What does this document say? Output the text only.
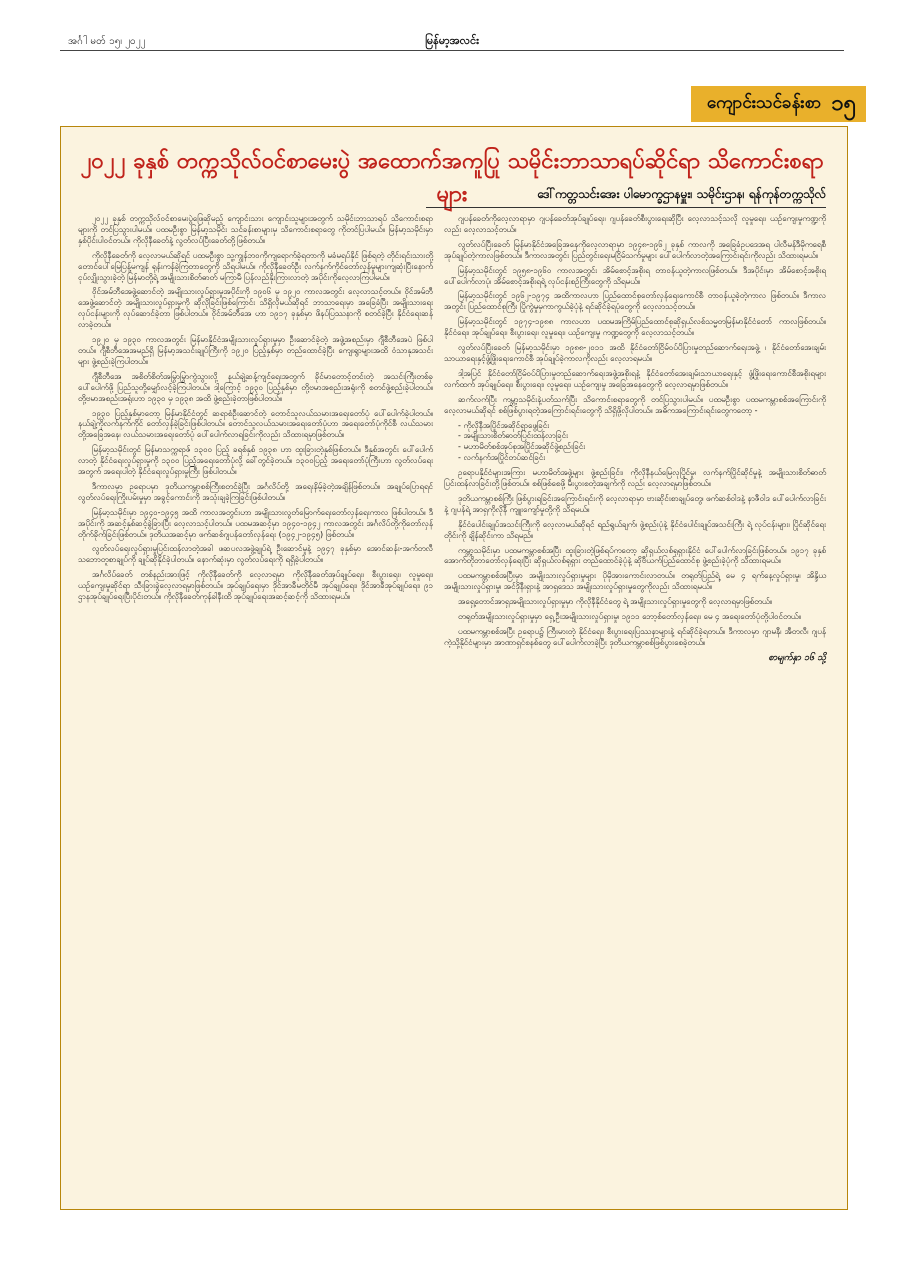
အင်္ဂါ မတ် ၁၅၊ ၂၀၂၂	မြန်မာ့အလင်း
ကျောင်းသင်ခန်းစာ ၁၅
၂၀၂၂ ခုနှစ် တက္ကသိုလ်ဝင်စာမေးပွဲ အထောက်အကူပြု သမိုင်းဘာသာရပ်ဆိုင်ရာ သိကောင်းစရာများ	ဒေါ်ကတ္တသင်းအေး ပါမောက္ခဌာနမှူး၊ သမိုင်းဌာန၊ ရန်ကုန်တက္ကသိုလ်

၂၀၂၂ ခုနှစ် တက္ကသိုလ်ဝင်စာမေးပွဲဖြေဆိုမည့် ကျောင်းသား ကျောင်းသူများအတွက် သမိုင်းဘာသာရပ် သိကောင်းစရာများကို တင်ပြသွားပါမယ်။ ပထမဦးစွာ မြန်မာ့သမိုင်း သင်ခန်းစာများမှ သိကောင်းစရာတွေ ကိုတင်ပြပါမယ်။ မြန်မာ့သမိုင်းမှာ နှစ်ပိုင်းပါဝင်တယ်။ ကိုလိုနီခေတ်နဲ့ လွတ်လပ်ပြီးခေတ်တို့ဖြစ်တယ်။

ကိုလိုနီခေတ်ကို လေ့လာမယ်ဆိုရင် ပထမဦးစွာ သူ့ကျွန်ဘဝကိုကျရောက်ခဲ့ရတာကို မခံမရပ်နိုင် ဖြစ်ရတဲ့ တိုင်းရင်းသားတို့ တောင်ပေါ်မြေပြန့်မကျန် ရုန်းကန်ခဲ့ကြတာတွေကို သိရပါမယ်။ ကိုလိုနီခေတ်ဦး လက်နက်ကိုင်တော်လှန်မှုများကျဆုံးပြီးနောက် ငုပ်လျှိုးသွားခဲ့တဲ့ မြန်မာတို့ရဲ့ အမျိုးသားစိတ်ဓာတ် မကြာမီ ပြန်လည်နိုးကြားလာတဲ့ အပိုင်းကိုလေ့လာကြပါမယ်။

ဝိုင်အမ်ဘီအေဖွဲ့ဆောင်တဲ့ အမျိုးသားလှုပ်ရှားမှုအပိုင်းကို ၁၉၀၆ မှ ၁၉၂၀ ကာလအတွင်း လေ့လာသင့်တယ်။ ဝိုင်အမ်ဘီအေဖွဲ့ဆောင်တဲ့ အမျိုးသားလှုပ်ရှားမှုကို ဆိုလိုခြင်းဖြစ်ကြောင်း သိရှိလိုမယ်ဆိုရင် ဘာသာရေးမှာ အခြေခံပြီး အမျိုးသားရေး လုပ်ငန်းများကို လုပ်ဆောင်ခဲ့တာ ဖြစ်ပါတယ်။ ဝိုင်အမ်ဘီအေ ဟာ ၁၉၁၇ ခုနှစ်မှာ ဖိနပ်ပြဿနာကို စတင်ခဲ့ပြီး နိုင်ငံရေးဆန်လာခဲ့တယ်။

၁၉၂၀ မှ ၁၉၃၀ ကာလအတွင်း မြန်မာနိုင်ငံအမျိုးသားလှုပ်ရှားမှုမှာ ဦးဆောင်ခဲ့တဲ့ အဖွဲ့အစည်းမှာ ဂျီစီဘီအေပဲ ဖြစ်ပါတယ်။ ဂျီစီဘီအေအမည်ရှိ မြန်မာ့အသင်းချုပ်ကြီးကို ၁၉၂၀ ပြည့်နှစ်မှာ တည်ထောင်ခဲ့ပြီး ကျေးရွာများအထိ ဝံသာနုအသင်းများ ဖွဲ့စည်းခဲ့ကြပါတယ်။

ဂျီစီဘီအေ အစိတ်စိတ်အမြွာမြွာကွဲသွားလို့ နယ်ချဲ့ဆန့်ကျင်ရေးအတွက် ခိုင်မာတောင့်တင်းတဲ့ အသင်းကြီးတစ်ခုပေါ်ပေါက်ဖို့ ပြည်သူတို့မျှော်လင့်ခဲ့ကြပါတယ်။ ဒါ့ကြောင့် ၁၉၃၀ ပြည့်နှစ်မှာ တို့ဗမာအစည်းအရုံးကို စတင်ဖွဲ့စည်းခဲ့ပါတယ်။ တို့ဗမာအစည်းအရုံးဟာ ၁၉၃၀ မှ ၁၉၃၈ အထိ ဖွဲ့စည်းခဲ့တာဖြစ်ပါတယ်။

၁၉၃၀ ပြည့်နှစ်မှာတော့ မြန်မာနိုင်ငံတွင် ဆရာစံဦးဆောင်တဲ့ တောင်သူလယ်သမားအရေးတော်ပုံ ပေါ်ပေါက်ခဲ့ပါတယ်။ နယ်ချဲ့ကိုလက်နက်ကိုင် တော်လှန်ခဲ့ခြင်းဖြစ်ပါတယ်။ တောင်သူလယ်သမားအရေးတော်ပုံဟာ အရေးတော်ပုံကိုင်စီ လယ်သမားတို့အခြေအနေ၊ လယ်သမားအရေးတော်ပုံ ပေါ်ပေါက်လာရခြင်းကိုလည်း သိထားရမှာဖြစ်တယ်။

မြန်မာ့သမိုင်းတွင် မြန်မာသက္ကရာဇ် ၁၃၀၀ ပြည့် ခရစ်နှစ် ၁၉၃၈ ဟာ ထူးခြားတဲ့နှစ်ဖြစ်တယ်။ ဒီနှစ်အတွင်း ပေါ်ပေါက်လာတဲ့ နိုင်ငံရေးလှုပ်ရှားမှုကို ၁၃၀၀ ပြည့်အရေးတော်ပုံလို့ ခေါ်တွင်ခဲ့တယ်။ ၁၃၀၀ပြည့် အရေးတော်ပုံကြီးဟာ လွတ်လပ်ရေးအတွက် အရေးပါတဲ့ နိုင်ငံရေးလှုပ်ရှားမှုကြီး ဖြစ်ပါတယ်။

ဒီကာလမှာ ဥရောပမှာ ဒုတိယကမ္ဘာစစ်ကြီးစတင်ခဲ့ပြီး အင်္ဂလိပ်တို့ အရေးနိမ့်ခဲ့တဲ့အချိန်ဖြစ်တယ်။ အချုပ်ပြောရရင် လွတ်လပ်ရေးကြိုးပမ်းမှုမှာ အခွင့်ကောင်းကို အသုံးချခဲ့ကြခြင်းဖြစ်ပါတယ်။

မြန်မာ့သမိုင်းမှာ ၁၉၄၀-၁၉၄၅ အထိ ကာလအတွင်းဟာ အမျိုးသားလွတ်မြောက်ရေးတော်လှန်ရေးကာလ ဖြစ်ပါတယ်။ ဒီအပိုင်းကို အဆင့်နှစ်ဆင့်ခွဲခြားပြီး လေ့လာသင့်ပါတယ်။ ပထမအဆင့်မှာ ၁၉၄၀-၁၉၄၂ ကာလအတွင်း အင်္ဂလိပ်တို့ကိုတော်လှန်တိုက်ခိုက်ခြင်းဖြစ်တယ်။ ဒုတိယအဆင့်မှာ ဖက်ဆစ်ဂျပန်တော်လှန်ရေး (၁၉၄၂-၁၉၄၅) ဖြစ်တယ်။

လွတ်လပ်ရေးလှုပ်ရှားမှုပြင်းထန်လာတဲ့အခါ ဖဆပလအဖွဲ့ချုပ်ရဲ့ ဦးဆောင်မှုနဲ့ ၁၉၄၇ ခုနှစ်မှာ အောင်ဆန်း-အက်တလီ သဘောတူစာချုပ်ကို ချုပ်ဆိုနိုင်ခဲ့ပါတယ်။ နောက်ဆုံးမှာ လွတ်လပ်ရေးကို ရရှိခဲ့ပါတယ်။

အင်္ဂလိပ်ခေတ် တစ်နည်းအားဖြင့် ကိုလိုနီခေတ်ကို လေ့လာရမှာ ကိုလိုနီခေတ်အုပ်ချုပ်ရေး၊ စီးပွားရေး၊ လူမှုရေး၊ ယဉ်ကျေးမှုဆိုင်ရာ သီးခြားခွဲလေ့လာရမှာဖြစ်တယ်။ အုပ်ချုပ်ရေးမှာ ဒိုင်အာခီမတိုင်မီ အုပ်ချုပ်ရေး၊ ဒိုင်အာခီအုပ်ချုပ်ရေး၊ ၉၁ ဌာနအုပ်ချုပ်ရေးပြီးပိုင်းတယ်။ ကိုလိုနီခေတ်ကုန်ခါနီးထိ အုပ်ချုပ်ရေးအဆင့်ဆင့်ကို သိထားရမယ်။

ဂျပန်ခေတ်ကိုလေ့လာရာမှာ ဂျပန်ခေတ်အုပ်ချုပ်ရေး၊ ဂျပန်ခေတ်စီးပွားရေးဆိုပြီး လေ့လာသင့်သလို လူမှုရေး၊ ယဉ်ကျေးမှုကဏ္ဍကိုလည်း လေ့လာသင့်တယ်။

လွတ်လပ်ပြီးခေတ် မြန်မာနိုင်ငံအခြေအနေကိုလေ့လာရာမှာ ၁၉၄၈-၁၉၆၂ ခုနှစ် ကာလကို အခြေခံဥပဒေအရ ပါလီမန်ဒီမိုကရေစီ အုပ်ချုပ်တဲ့ကာလဖြစ်တယ်။ ဒီကာလအတွင်း ပြည်တွင်းရေးမငြိမ်သက်မှုများ ပေါ်ပေါက်လာတဲ့အကြောင်းရင်းကိုလည်း သိထားရမယ်။

မြန်မာ့သမိုင်းတွင် ၁၉၅၈-၁၉၆၀ ကာလအတွင်း အိမ်စောင့်အစိုးရ တာဝန်ယူတဲ့ကာလဖြစ်တယ်။ ဒီအပိုင်းမှာ အိမ်စောင့်အစိုးရပေါ်ပေါက်လာပုံ၊ အိမ်စောင့်အစိုးရရဲ့ လုပ်ငန်းစဉ်ကြီးတွေကို သိရမယ်။

မြန်မာ့သမိုင်းတွင် ၁၉၆၂-၁၉၇၄ အထိကာလဟာ ပြည်ထောင်စုတော်လှန်ရေးကောင်စီ တာဝန်ယူခဲ့တဲ့ကာလ ဖြစ်တယ်။ ဒီကာလအတွင်း ပြည်ထောင်စုကြီး ပြိုကွဲမှုမှကာကွယ်ခဲ့ပုံနဲ့ ရင်ဆိုင်ခဲ့ရပုံတွေကို လေ့လာသင့်တယ်။

မြန်မာ့သမိုင်းတွင် ၁၉၇၄-၁၉၈၈ ကာလဟာ ပထမအကြိမ်ပြည်ထောင်စုဆိုရှယ်လစ်သမ္မတမြန်မာနိုင်ငံတော် ကာလဖြစ်တယ်။ နိုင်ငံရေး၊ အုပ်ချုပ်ရေး၊ စီးပွားရေး၊ လူမှုရေး၊ ယဉ်ကျေးမှု ကဏ္ဍတွေကို လေ့လာသင့်တယ်။

လွတ်လပ်ပြီးခေတ် မြန်မာ့သမိုင်းမှာ ၁၉၈၈-၂၀၁၁ အထိ နိုင်ငံတော်ငြိမ်ဝပ်ပိပြားမှုတည်ဆောက်ရေးအဖွဲ့ ၊ နိုင်ငံတော်အေးချမ်းသာယာရေးနှင့်ဖွံ့ဖြိုးရေးကောင်စီ အုပ်ချုပ်ခဲ့ကာလကိုလည်း လေ့လာရမယ်။

ဒါ့အပြင် နိုင်ငံတော်ငြိမ်ဝပ်ပိပြားမှုတည်ဆောက်ရေးအဖွဲ့အစိုးရနဲ့ နိုင်ငံတော်အေးချမ်းသာယာရေးနှင့် ဖွံ့ဖြိုးရေးကောင်စီအစိုးရများလက်ထက် အုပ်ချုပ်ရေး၊ စီးပွားရေး၊ လူမှုရေး၊ ယဉ်ကျေးမှု အခြေအနေတွေကို လေ့လာရမှာဖြစ်တယ်။

ဆက်လက်ပြီး ကမ္ဘာ့သမိုင်းနဲ့ပတ်သက်ပြီး သိကောင်းစရာတွေကို တင်ပြသွားပါမယ်။ ပထမဦးစွာ ပထမကမ္ဘာစစ်အကြောင်းကို လေ့လာမယ်ဆိုရင် စစ်ဖြစ်ပွားရတဲ့အကြောင်းရင်းတွေကို သိရှိဖို့လိုပါတယ်။ အဓိကအကြောင်းရင်းတွေကတော့ -

- ကိုလိုနီအပြိုင်အဆိုင်ရှာဖွေခြင်း
- အမျိုးသားစိတ်ဓာတ်ပြင်းထန်လာခြင်း
- မဟာမိတ်စစ်အုပ်စုအပြိုင်အဆိုင်ဖွဲ့စည်းခြင်း
- လက်နက်အပြိုင်တပ်ဆင်ခြင်း

ဥရောပနိုင်ငံများအကြား မဟာမိတ်အဖွဲ့များ ဖွဲ့စည်းခြင်း၊ ကိုလိုနီနယ်မြေလုပြိုင်မှု၊ လက်နက်ပြိုင်ဆိုင်မှုနဲ့ အမျိုးသားစိတ်ဓာတ်ပြင်းထန်လာခြင်းတို့ဖြစ်တယ်။ စစ်ဖြစ်စေဖို့ မီးပွားစတဲ့အချက်ကို လည်း လေ့လာရမှာဖြစ်တယ်။

ဒုတိယကမ္ဘာစစ်ကြီး ဖြစ်ပွားရခြင်းအကြောင်းရင်းကို လေ့လာရာမှာ ဗားဆိုင်းစာချုပ်တွေ၊ ဖက်ဆစ်ဝါဒနဲ့ နာဇီဝါဒ ပေါ်ပေါက်လာခြင်းနဲ့ ဂျပန်ရဲ့ အာရှကိုလိုနီ ကျူးကျော်မှုတို့ကို သိရမယ်။

နိုင်ငံပေါင်းချုပ်အသင်းကြီးကို လေ့လာမယ်ဆိုရင် ရည်ရွယ်ချက်၊ ဖွဲ့စည်းပုံနဲ့ နိုင်ငံပေါင်းချုပ်အသင်းကြီး ရဲ့ လုပ်ငန်းများ၊ ပြိုင်ဆိုင်ရေးတိုင်းကို ချိန်ဆိုင်းကာ သိရမည်။

ကမ္ဘာ့သမိုင်းမှာ ပထမကမ္ဘာစစ်အပြီး ထူးခြားတဲ့ဖြစ်ရပ်ကတော့ ဆိုရှယ်လစ်ရုရှားနိုင်ငံ ပေါ်ပေါက်လာခြင်းဖြစ်တယ်။ ၁၉၁၇ ခုနှစ် အောက်တိုဘာတော်လှန်ရေးပြီး ဆိုရှယ်လစ်ရုရှား တည်ထောင်ခဲ့ပုံနဲ့ ဆိုဗီယက်ပြည်ထောင်စု ဖွဲ့စည်းခဲ့ပုံကို သိထားရမယ်။

ပထမကမ္ဘာစစ်အပြီးမှာ အမျိုးသားလှုပ်ရှားမှုများ ပိုမိုအားကောင်းလာတယ်။ တရုတ်ပြည်ရဲ့ မေ ၄ ရက်နေ့လှုပ်ရှားမှု၊ အိန္ဒိယ အမျိုးသားလှုပ်ရှားမှု၊ အင်ဒိုနီးရှားနဲ့ အာရှဒေသ အမျိုးသားလှုပ်ရှားမှုတွေကိုလည်း သိထားရမယ်။

အရှေ့တောင်အာရှအမျိုးသားလှုပ်ရှားမှုမှာ ကိုလိုနီနိုင်ငံတွေ ရဲ့ အမျိုးသားလှုပ်ရှားမှုတွေကို လေ့လာရမှာဖြစ်တယ်။

တရုတ်အမျိုးသားလှုပ်ရှားမှုမှာ ရှေ့ဦးအမျိုးသားလှုပ်ရှားမှု၊ ၁၉၁၁ ဘော့စ်တော်လှန်ရေး၊ မေ ၄ အရေးတော်ပုံတို့ပါဝင်တယ်။

ပထမကမ္ဘာစစ်အပြီး ဥရောပ၌ ကြီးမားတဲ့ နိုင်ငံရေး၊ စီးပွားရေးပြဿနာများနဲ့ ရင်ဆိုင်ခဲ့ရတယ်။ ဒီကာလမှာ ဂျာမနီ၊ အီတလီ၊ ဂျပန် ကဲ့သို့နိုင်ငံများမှာ အာဏာရှင်စနစ်တွေ ပေါ်ပေါက်လာခဲ့ပြီး ဒုတိယကမ္ဘာစစ်ဖြစ်ပွားစေခဲ့တယ်။

စာမျက်နှာ ၁၆ သို့
